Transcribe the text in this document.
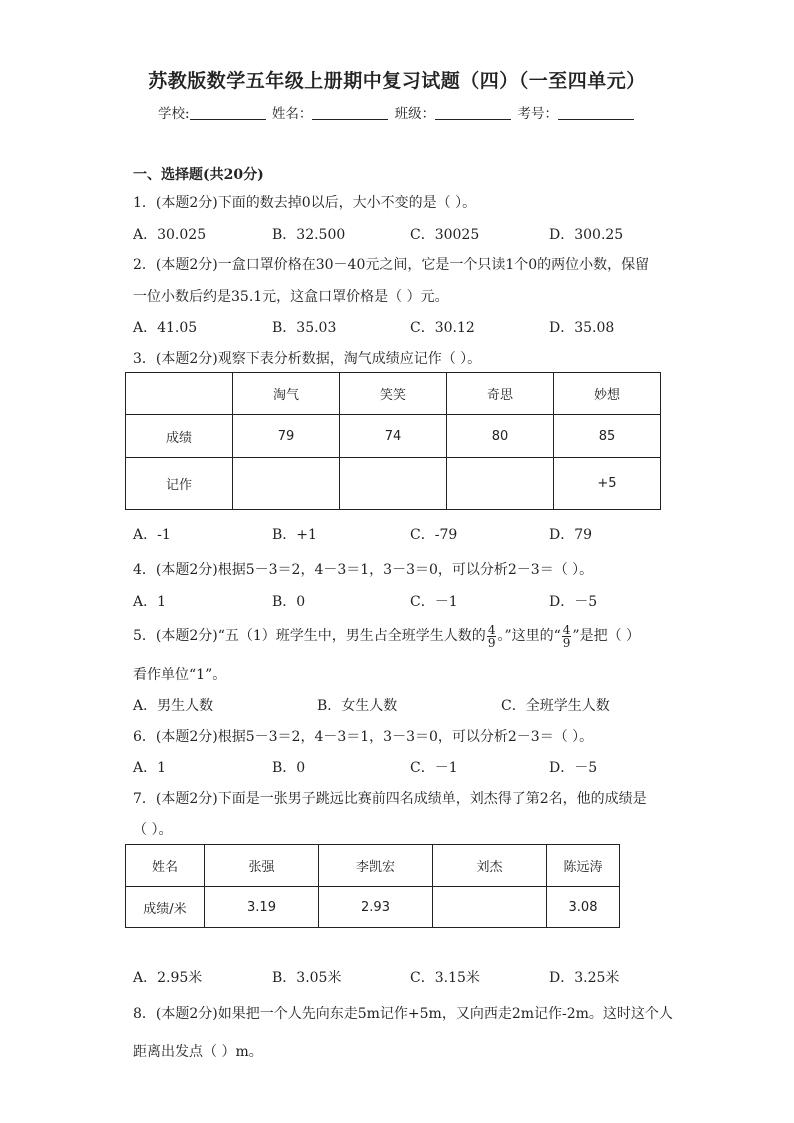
苏教版数学五年级上册期中复习试题（四）（一至四单元）
学校:	姓名：	班级：	考号：
一、选择题(共20分)
1．(本题2分)下面的数去掉0以后，大小不变的是（ ）。
A．30.025	B．32.500	C．30025	D．300.25
2．(本题2分)一盒口罩价格在30－40元之间，它是一个只读1个0的两位小数，保留
一位小数后约是35.1元，这盒口罩价格是（ ）元。
A．41.05	B．35.03	C．30.12	D．35.08
3．(本题2分)观察下表分析数据，淘气成绩应记作（ ）。
	淘气	笑笑	奇思	妙想
成绩	79	74	80	85
记作				+5
A．-1	B．+1	C．-79	D．79
4．(本题2分)根据5－3＝2，4－3＝1，3－3＝0，可以分析2－3＝（ ）。
A．1	B．0	C．－1	D．－5
5．(本题2分)“五（1）班学生中，男生占全班学生人数的 $\frac{4}{9}$ 。”这里的“ $\frac{4}{9}$ ”是把（ ）
看作单位“1”。
A．男生人数	B．女生人数	C．全班学生人数
6．(本题2分)根据5－3＝2，4－3＝1，3－3＝0，可以分析2－3＝（ ）。
A．1	B．0	C．－1	D．－5
7．(本题2分)下面是一张男子跳远比赛前四名成绩单，刘杰得了第2名，他的成绩是
（ ）。
姓名	张强	李凯宏	刘杰	陈远涛
成绩/米	3.19	2.93		3.08
A．2.95米	B．3.05米	C．3.15米	D．3.25米
8．(本题2分)如果把一个人先向东走5m记作+5m，又向西走2m记作-2m。这时这个人
距离出发点（ ）m。
